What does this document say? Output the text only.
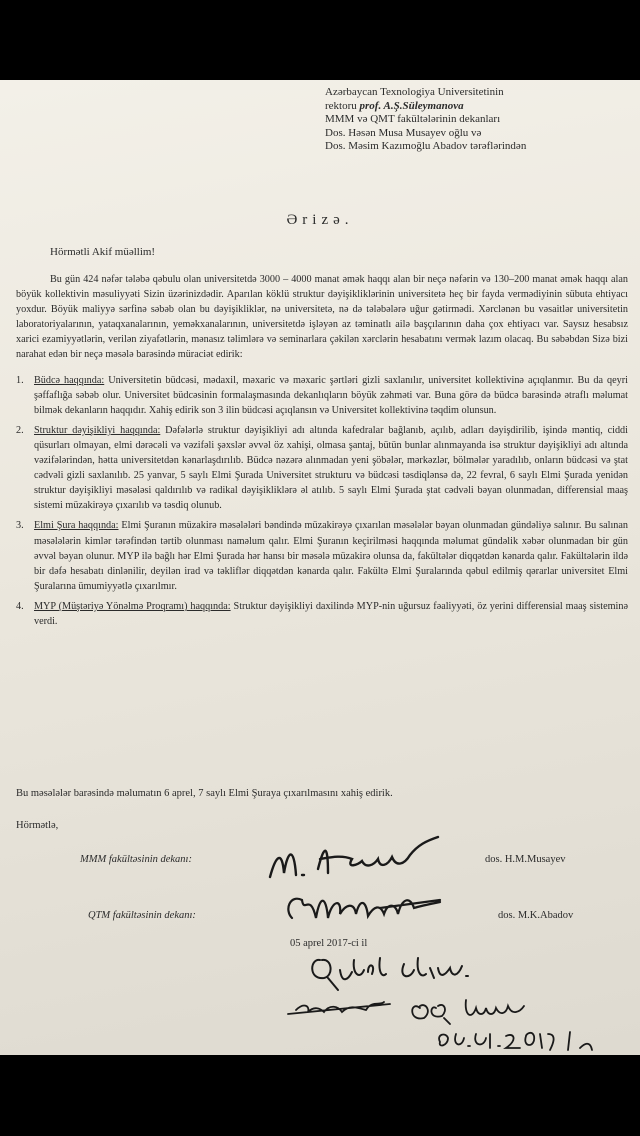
Azərbaycan Texnologiya Universitetinin
rektoru prof. A.Ş.Süleymanova
MMM və QMT fakültələrinin dekanları
Dos. Həsən Musa Musayev oğlu və
Dos. Məsim Kazımoğlu Abadov tərəflərindən
Ərizə.
Hörmətli Akif müəllim!

Bu gün 424 nəfər tələbə qəbulu olan universitetdə 3000 – 4000 manat əmək haqqı alan bir neçə nəfərin və 130–200 manat əmək haqqı alan böyük kollektivin məsuliyyəti Sizin üzərinizdədir. Aparılan köklü struktur dəyişikliklərinin universitetə heç bir fayda vermədiyinin sübuta ehtiyacı yoxdur. Böyük maliyyə sərfinə səbəb olan bu dəyişikliklər, nə universitetə, nə də tələbələrə uğur gətirmədi. Xərclənən bu vəsaitlər universitetin laboratoriyalarının, yataqxanalarının, yeməkxanalarının, universitetdə işləyən az təminatlı ailə başçılarının daha çox ehtiyacı var. Saysız hesabsız xarici ezamiyyətlərin, verilən ziyafətlərin, mənasız təlimlərə və seminarlara çəkilən xərclərin hesabatını vermək lazım olacaq. Bu səbəbdən Sizə bizi narahat edən bir neçə məsələ barəsində müraciət edirik:

1. Büdcə haqqında: Universitetin büdcəsi, mədaxil, məxaric və məxaric şərtləri gizli saxlanılır, universitet kollektivinə açıqlanmır. Bu da qeyri şəffaflığa səbəb olur. Universitet büdcəsinin formalaşmasında dekanlıqların böyük zəhməti var. Buna görə də büdcə barəsində ətraflı məlumat bilmək dekanların haqqıdır. Xahiş edirik son 3 ilin büdcəsi açıqlansın və Universitet kollektivinə təqdim olunsun.
2. Struktur dəyişikliyi haqqında: Dəfələrlə struktur dəyişikliyi adı altında kafedralar bağlanıb, açılıb, adları dəyişdirilib, işində məntiq, ciddi qüsurları olmayan, elmi dərəcəli və vəzifəli şəxslər əvvəl öz xahişi, olmasa şantaj, bütün bunlar alınmayanda isə struktur dəyişikliyi adı altında vəzifələrindən, hətta universitetdən kənarlaşdırılıb. Büdcə nəzərə alınmadan yeni şöbələr, mərkəzlər, bölmələr yaradılıb, onların büdcəsi və ştat cədvəli gizli saxlanılıb. 25 yanvar, 5 saylı Elmi Şurada Universitet strukturu və büdcəsi təsdiqlənsə də, 22 fevral, 6 saylı Elmi Şurada yenidən struktur dəyişikliyi məsələsi qaldırılıb və radikal dəyişikliklərə əl atılıb. 5 saylı Elmi Şurada ştat cədvəli bəyan olunmadan, differensial maaş sistemi müzakirəyə çıxarılıb və təsdiq olunub.
3. Elmi Şura haqqında: Elmi Şuranın müzakirə məsələləri bəndində müzakirəyə çıxarılan məsələlər bəyan olunmadan gündəliyə salınır. Bu salınan məsələlərin kimlər tərəfindən tərtib olunması naməlum qalır. Elmi Şuranın keçirilməsi haqqında məlumat gündəlik xəbər olunmadan bir gün əvvəl bəyan olunur. MYP ilə bağlı hər Elmi Şurada hər hansı bir məsələ müzakirə olunsa da, fakültələr diqqətdən kənarda qalır. Fakültələrin ildə bir dəfə hesabatı dinlənilir, deyilən irad və təkliflər diqqətdən kənarda qalır. Fakültə Elmi Şuralarında qəbul edilmiş qərarlar universitet Elmi Şuralarına ümumiyyətlə çıxarılmır.
4. MYP (Müştəriyə Yönəlmə Proqramı) haqqında: Struktur dəyişikliyi daxilində MYP-nin uğursuz fəaliyyəti, öz yerini differensial maaş sisteminə verdi.
Bu məsələlər barəsində məlumatın 6 aprel, 7 saylı Elmi Şuraya çıxarılmasını xahiş edirik.
Hörmətlə,
MMM fakültəsinin dekanı:	dos. H.M.Musayev
QTM fakültəsinin dekanı:	dos. M.K.Abadov
05 aprel 2017-ci il
